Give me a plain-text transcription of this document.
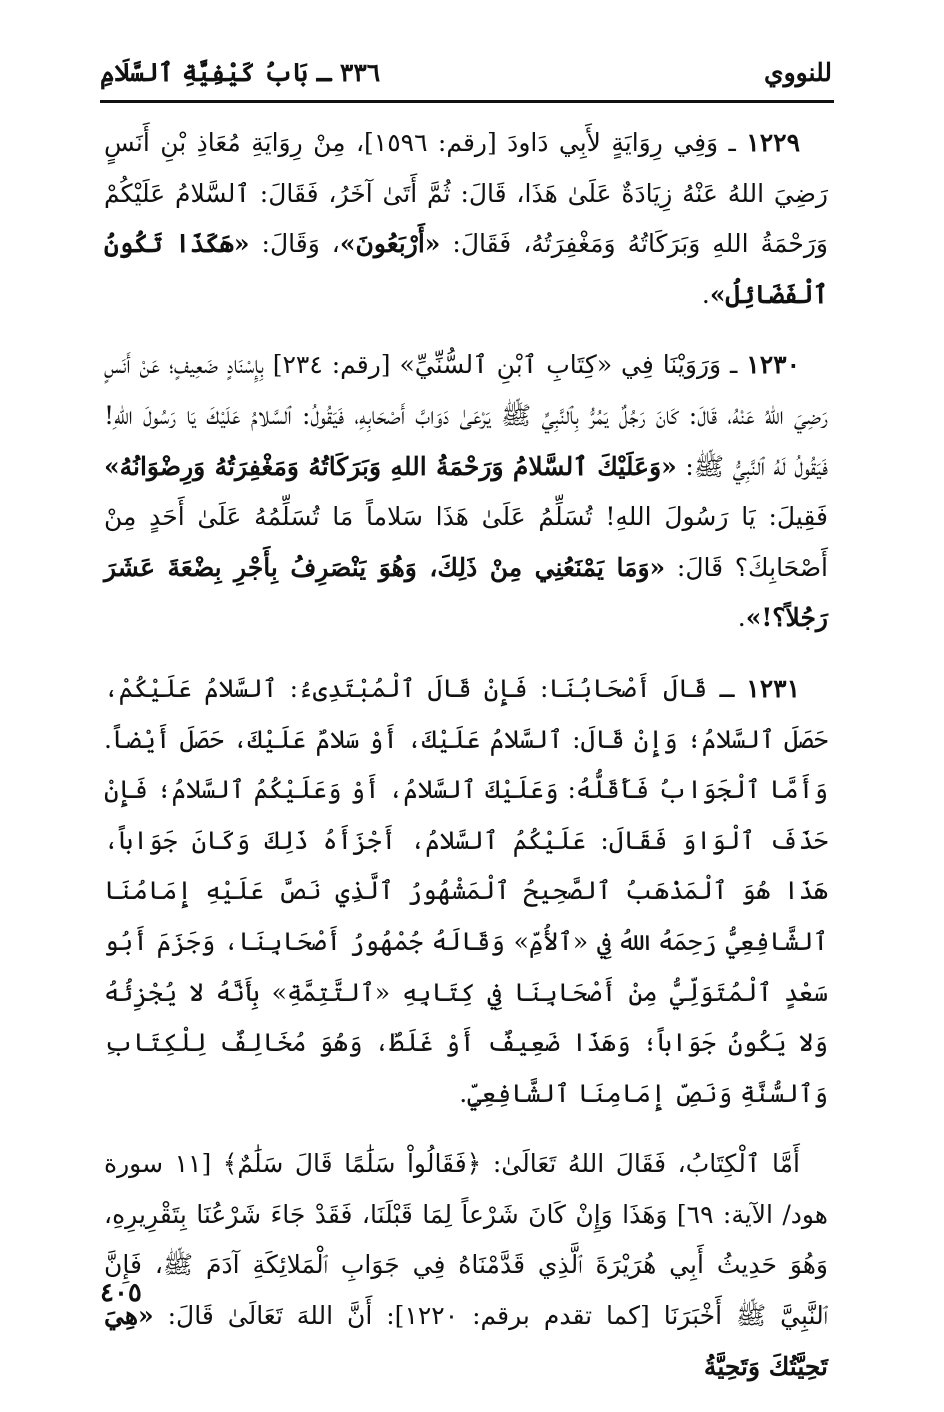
للنووي
٣٣٦ ـ بَابُ كَيْفِيَّةِ ٱلسَّلَامِ

١٢٢٩ ـ وَفِي رِوَايَةٍ لأَبِي دَاودَ [رقم: ١٥٩٦]، مِنْ رِوَايَةِ مُعَاذِ بْنِ أَنَسٍ رَضِيَ اللهُ عَنْهُ زِيَادَةٌ عَلَىٰ هَذَا، قَالَ: ثُمَّ أَتَىٰ آخَرُ، فَقَالَ: ٱلسَّلامُ عَلَيْكُمْ وَرَحْمَةُ اللهِ وَبَرَكَاتُهُ وَمَغْفِرَتُهُ، فَقَالَ: «أَرْبَعُونَ»، وَقَالَ: «هَكَذَا تَكُونُ ٱلْفَضَائِلُ».

١٢٣٠ ـ وَرَوَيْنَا فِي «كِتَابِ ٱبْنِ ٱلسُّنِّيِّ» [رقم: ٢٣٤] بِإِسْنَادٍ ضَعِيفٍ؛ عَنْ أَنَسٍ رَضِيَ اللهُ عَنْهُ، قَالَ: كَانَ رَجُلٌ يَمُرُّ بِٱلنَّبِيِّ ﷺ يَرْعَىٰ دَوَابَّ أَصْحَابِهِ، فَيَقُولُ: ٱلسَّلامُ عَلَيْكَ يَا رَسُولَ اللهِ! فَيَقُولُ لَهُ ٱلنَّبِيُّ ﷺ: «وَعَلَيْكَ ٱلسَّلامُ وَرَحْمَةُ اللهِ وَبَرَكَاتُهُ وَمَغْفِرَتُهُ وَرِضْوَانُهُ» فَقِيلَ: يَا رَسُولَ اللهِ! تُسَلِّمُ عَلَىٰ هَذَا سَلاماً مَا تُسَلِّمُهُ عَلَىٰ أَحَدٍ مِنْ أَصْحَابِكَ؟ قَالَ: «وَمَا يَمْنَعُنِي مِنْ ذَلِكَ، وَهُوَ يَنْصَرِفُ بِأَجْرِ بِضْعَةَ عَشَرَ رَجُلاً؟!».

١٢٣١ ـ قَالَ أَصْحَابُنَا: فَإِنْ قَالَ ٱلْمُبْتَدِىءُ: ٱلسَّلامُ عَلَيْكُمْ، حَصَلَ ٱلسَّلامُ؛ وَإِنْ قَالَ: ٱلسَّلامُ عَلَيْكَ، أَوْ سَلامٌ عَلَيْكَ، حَصَلَ أَيْضاً. وَأَمَّا ٱلْجَوَابُ فَأَقَلُّهُ: وَعَلَيْكَ ٱلسَّلامُ، أَوْ وَعَلَيْكُمُ ٱلسَّلامُ؛ فَإِنْ حَذَفَ ٱلْوَاوَ فَقَالَ: عَلَيْكُمُ ٱلسَّلامُ، أَجْزَأَهُ ذَلِكَ وَكَانَ جَوَاباً، هَذَا هُوَ ٱلْمَذْهَبُ ٱلصَّحِيحُ ٱلْمَشْهُورُ ٱلَّذِي نَصَّ عَلَيْهِ إِمَامُنَا ٱلشَّافِعِيُّ رَحِمَهُ اللهُ فِي «ٱلأُمِّ» وَقَالَهُ جُمْهُورُ أَصْحَابِنَا، وَجَزَمَ أَبُو سَعْدٍ ٱلْمُتَوَلِّيُّ مِنْ أَصْحَابِنَا فِي كِتَابِهِ «ٱلتَّتِمَّةِ» بِأَنَّهُ لا يُجْزِئُهُ وَلا يَكُونُ جَوَاباً؛ وَهَذَا ضَعِيفٌ أَوْ غَلَطٌ، وَهُوَ مُخَالِفٌ لِلْكِتَابِ وَٱلسُّنَّةِ وَنَصِّ إِمَامِنَا ٱلشَّافِعِيِّ.

أَمَّا ٱلْكِتَابُ، فَقَالَ اللهُ تَعَالَىٰ: ﴿فَقَالُواْ سَلَٰمًا قَالَ سَلَٰمٌ﴾ [١١ سورة هود/ الآية: ٦٩] وَهَذَا وَإِنْ كَانَ شَرْعاً لِمَا قَبْلَنَا، فَقَدْ جَاءَ شَرْعُنَا بِتَقْرِيرِهِ، وَهُوَ حَدِيثُ أَبِي هُرَيْرَةَ ٱلَّذِي قَدَّمْنَاهُ فِي جَوَابِ ٱلْمَلائِكَةِ آدَمَ ﷺ، فَإِنَّ ٱلنَّبِيَّ ﷺ أَخْبَرَنَا [كما تقدم برقم: ١٢٢٠]: أَنَّ اللهَ تَعَالَىٰ قَالَ: «هِيَ تَحِيَّتُكَ وَتَحِيَّةُ

٤٠٥
